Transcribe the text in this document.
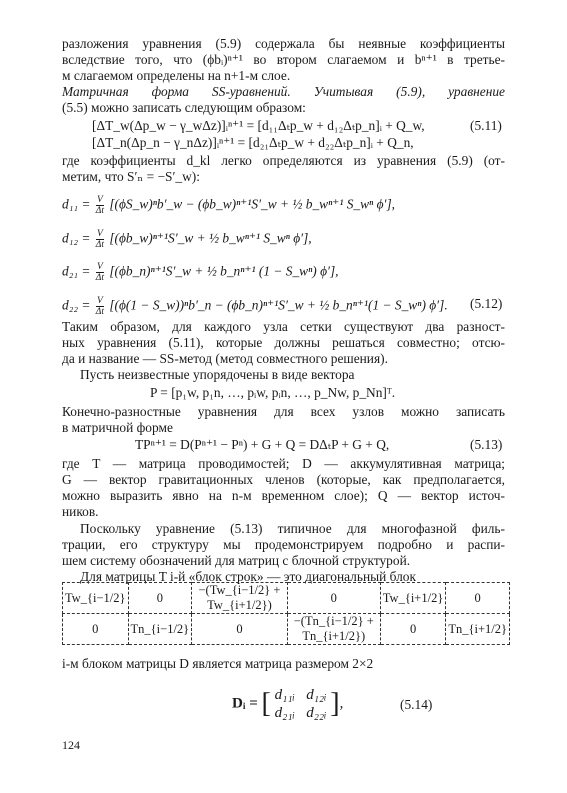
разложения уравнения (5.9) содержала бы неявные коэффициенты
вследствие того, что (ϕbᵢ)ⁿ⁺¹ во втором слагаемом и bⁿ⁺¹ в третье-
м слагаемом определены на n+1-м слое.
Матричная форма SS-уравнений. Учитывая (5.9), уравнение
(5.5) можно записать следующим образом:
[ΔT_w(Δp_w − γ_wΔz)]ᵢⁿ⁺¹ = [d₁₁Δₜp_w + d₁₂Δₜp_n]ᵢ + Q_w,
[ΔT_n(Δp_n − γ_nΔz)]ᵢⁿ⁺¹ = [d₂₁Δₜp_w + d₂₂Δₜp_n]ᵢ + Q_n,
(5.11)
где коэффициенты d_kl легко определяются из уравнения (5.9) (от-
метим, что S′ₙ = −S′_w):
$d_{11} = \frac{V}{\Delta t}$ [(ϕS_w)ⁿb′_w − (ϕb_w)ⁿ⁺¹S′_w + ½ b_wⁿ⁺¹ S_wⁿ ϕ′],
$d_{12} = \frac{V}{\Delta t}$ [(ϕb_w)ⁿ⁺¹S′_w + ½ b_wⁿ⁺¹ S_wⁿ ϕ′],
$d_{21} = \frac{V}{\Delta t}$ [(ϕb_n)ⁿ⁺¹S′_w + ½ b_nⁿ⁺¹ (1 − S_wⁿ) ϕ′],
$d_{22} = \frac{V}{\Delta t} [(\phi(1$ − S_w))ⁿb′_n − (ϕb_n)ⁿ⁺¹S′_w + ½ b_nⁿ⁺¹(1 − S_wⁿ) ϕ′]. (5.12)
Таким образом, для каждого узла сетки существуют два разност-
ных уравнения (5.11), которые должны решаться совместно; отсю-
да и название — SS-метод (метод совместного решения).
Пусть неизвестные упорядочены в виде вектора
P = [p₁w, p₁n, …, pᵢw, pᵢn, …, p_Nw, p_Nn]ᵀ.
Конечно-разностные уравнения для всех узлов можно записать
в матричной форме
TPⁿ⁺¹ = D(Pⁿ⁺¹ − Pⁿ) + G + Q = DΔₜP + G + Q,	(5.13)
где T — матрица проводимостей; D — аккумулятивная матрица;
G — вектор гравитационных членов (которые, как предполагается,
можно выразить явно на n-м временном слое); Q — вектор источ-
ников.
Поскольку уравнение (5.13) типичное для многофазной филь-
трации, его структуру мы продемонстрируем подробно и распи-
шем систему обозначений для матриц с блочной структурой.
Для матрицы T i-й «блок строк» — это диагональный блок
Tw_{i−1/2}	0	−(Tw_{i−1/2} + Tw_{i+1/2})	0	Tw_{i+1/2}	0
0	Tn_{i−1/2}	0	−(Tn_{i−1/2} + Tn_{i+1/2})	0	Tn_{i+1/2}
i-м блоком матрицы D является матрица размером 2×2
Dᵢ = [ d₁₁ᵢ d₁₂ᵢ
d₂₁ᵢ d₂₂ᵢ ],	(5.14)
124
